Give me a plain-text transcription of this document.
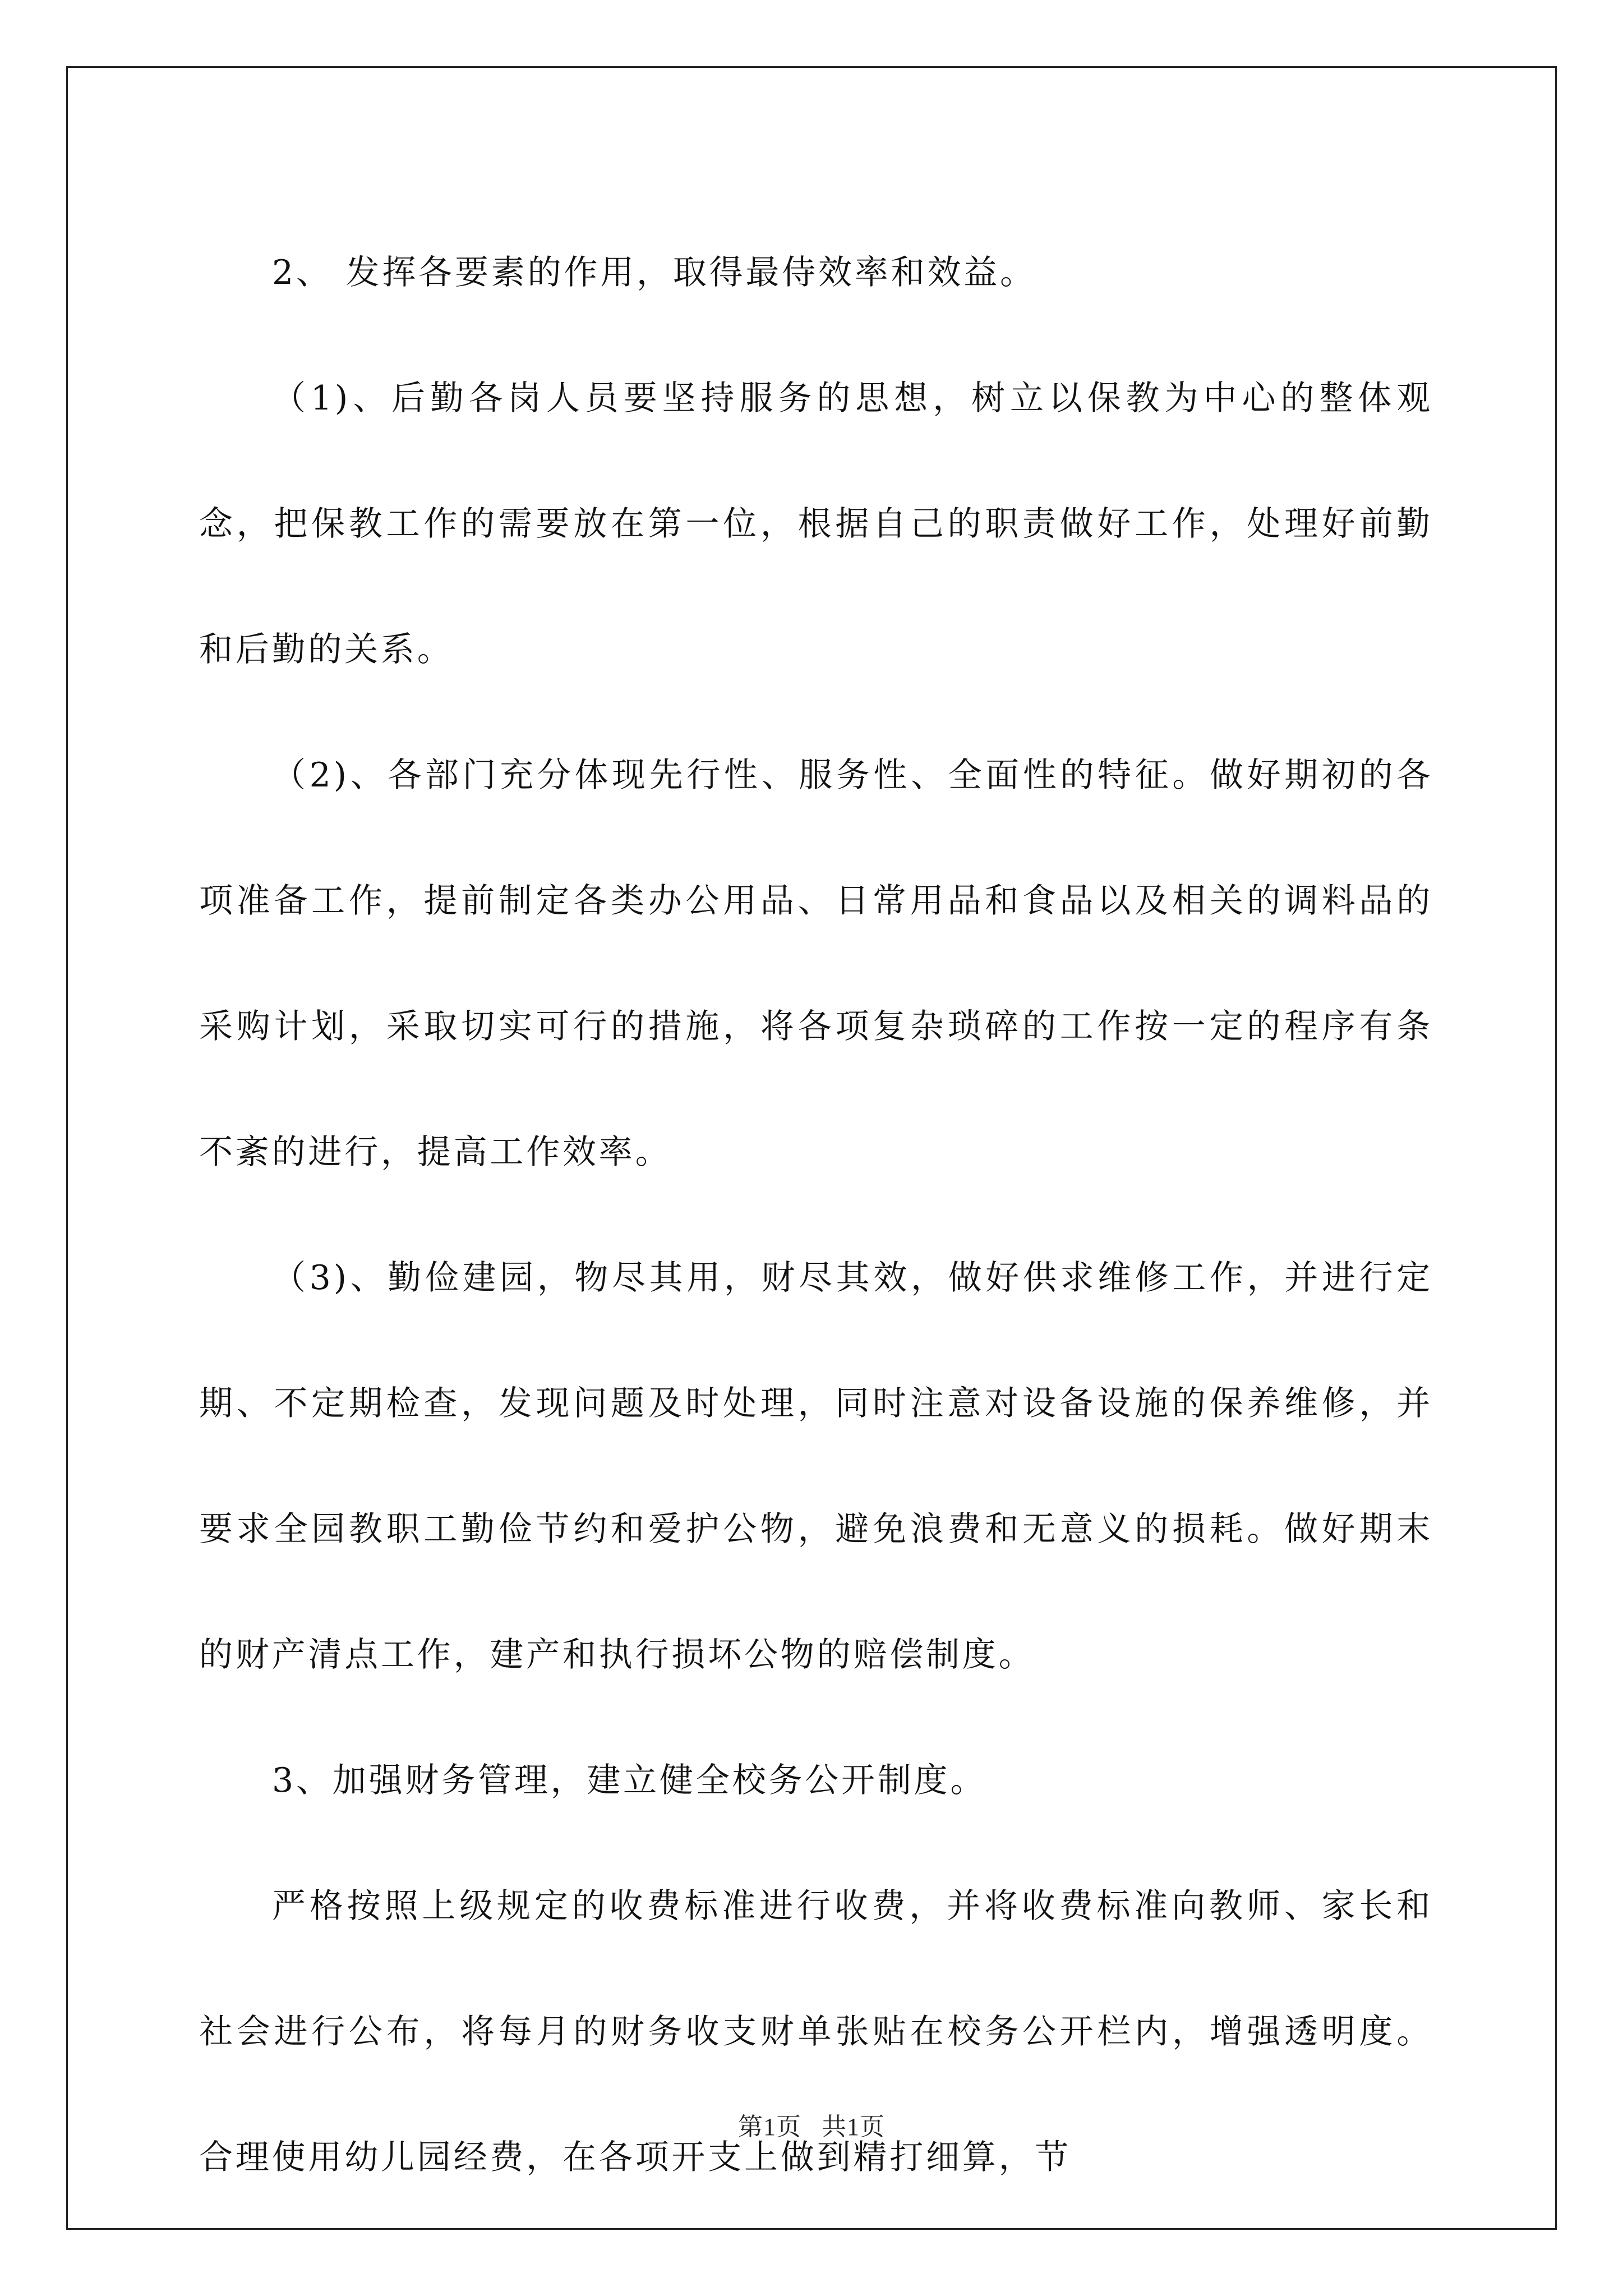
2、 发挥各要素的作用，取得最侍效率和效益。

（1)、后勤各岗人员要坚持服务的思想，树立以保教为中心的整体观念，把保教工作的需要放在第一位，根据自己的职责做好工作，处理好前勤和后勤的关系。

（2)、各部门充分体现先行性、服务性、全面性的特征。做好期初的各项准备工作，提前制定各类办公用品、日常用品和食品以及相关的调料品的采购计划，采取切实可行的措施，将各项复杂琐碎的工作按一定的程序有条不紊的进行，提高工作效率。

（3)、勤俭建园，物尽其用，财尽其效，做好供求维修工作，并进行定期、不定期检查，发现问题及时处理，同时注意对设备设施的保养维修，并要求全园教职工勤俭节约和爱护公物，避免浪费和无意义的损耗。做好期末的财产清点工作，建产和执行损坏公物的赔偿制度。

3、加强财务管理，建立健全校务公开制度。

严格按照上级规定的收费标准进行收费，并将收费标准向教师、家长和社会进行公布，将每月的财务收支财单张贴在校务公开栏内，增强透明度。合理使用幼儿园经费，在各项开支上做到精打细算，节

第1页 共1页
